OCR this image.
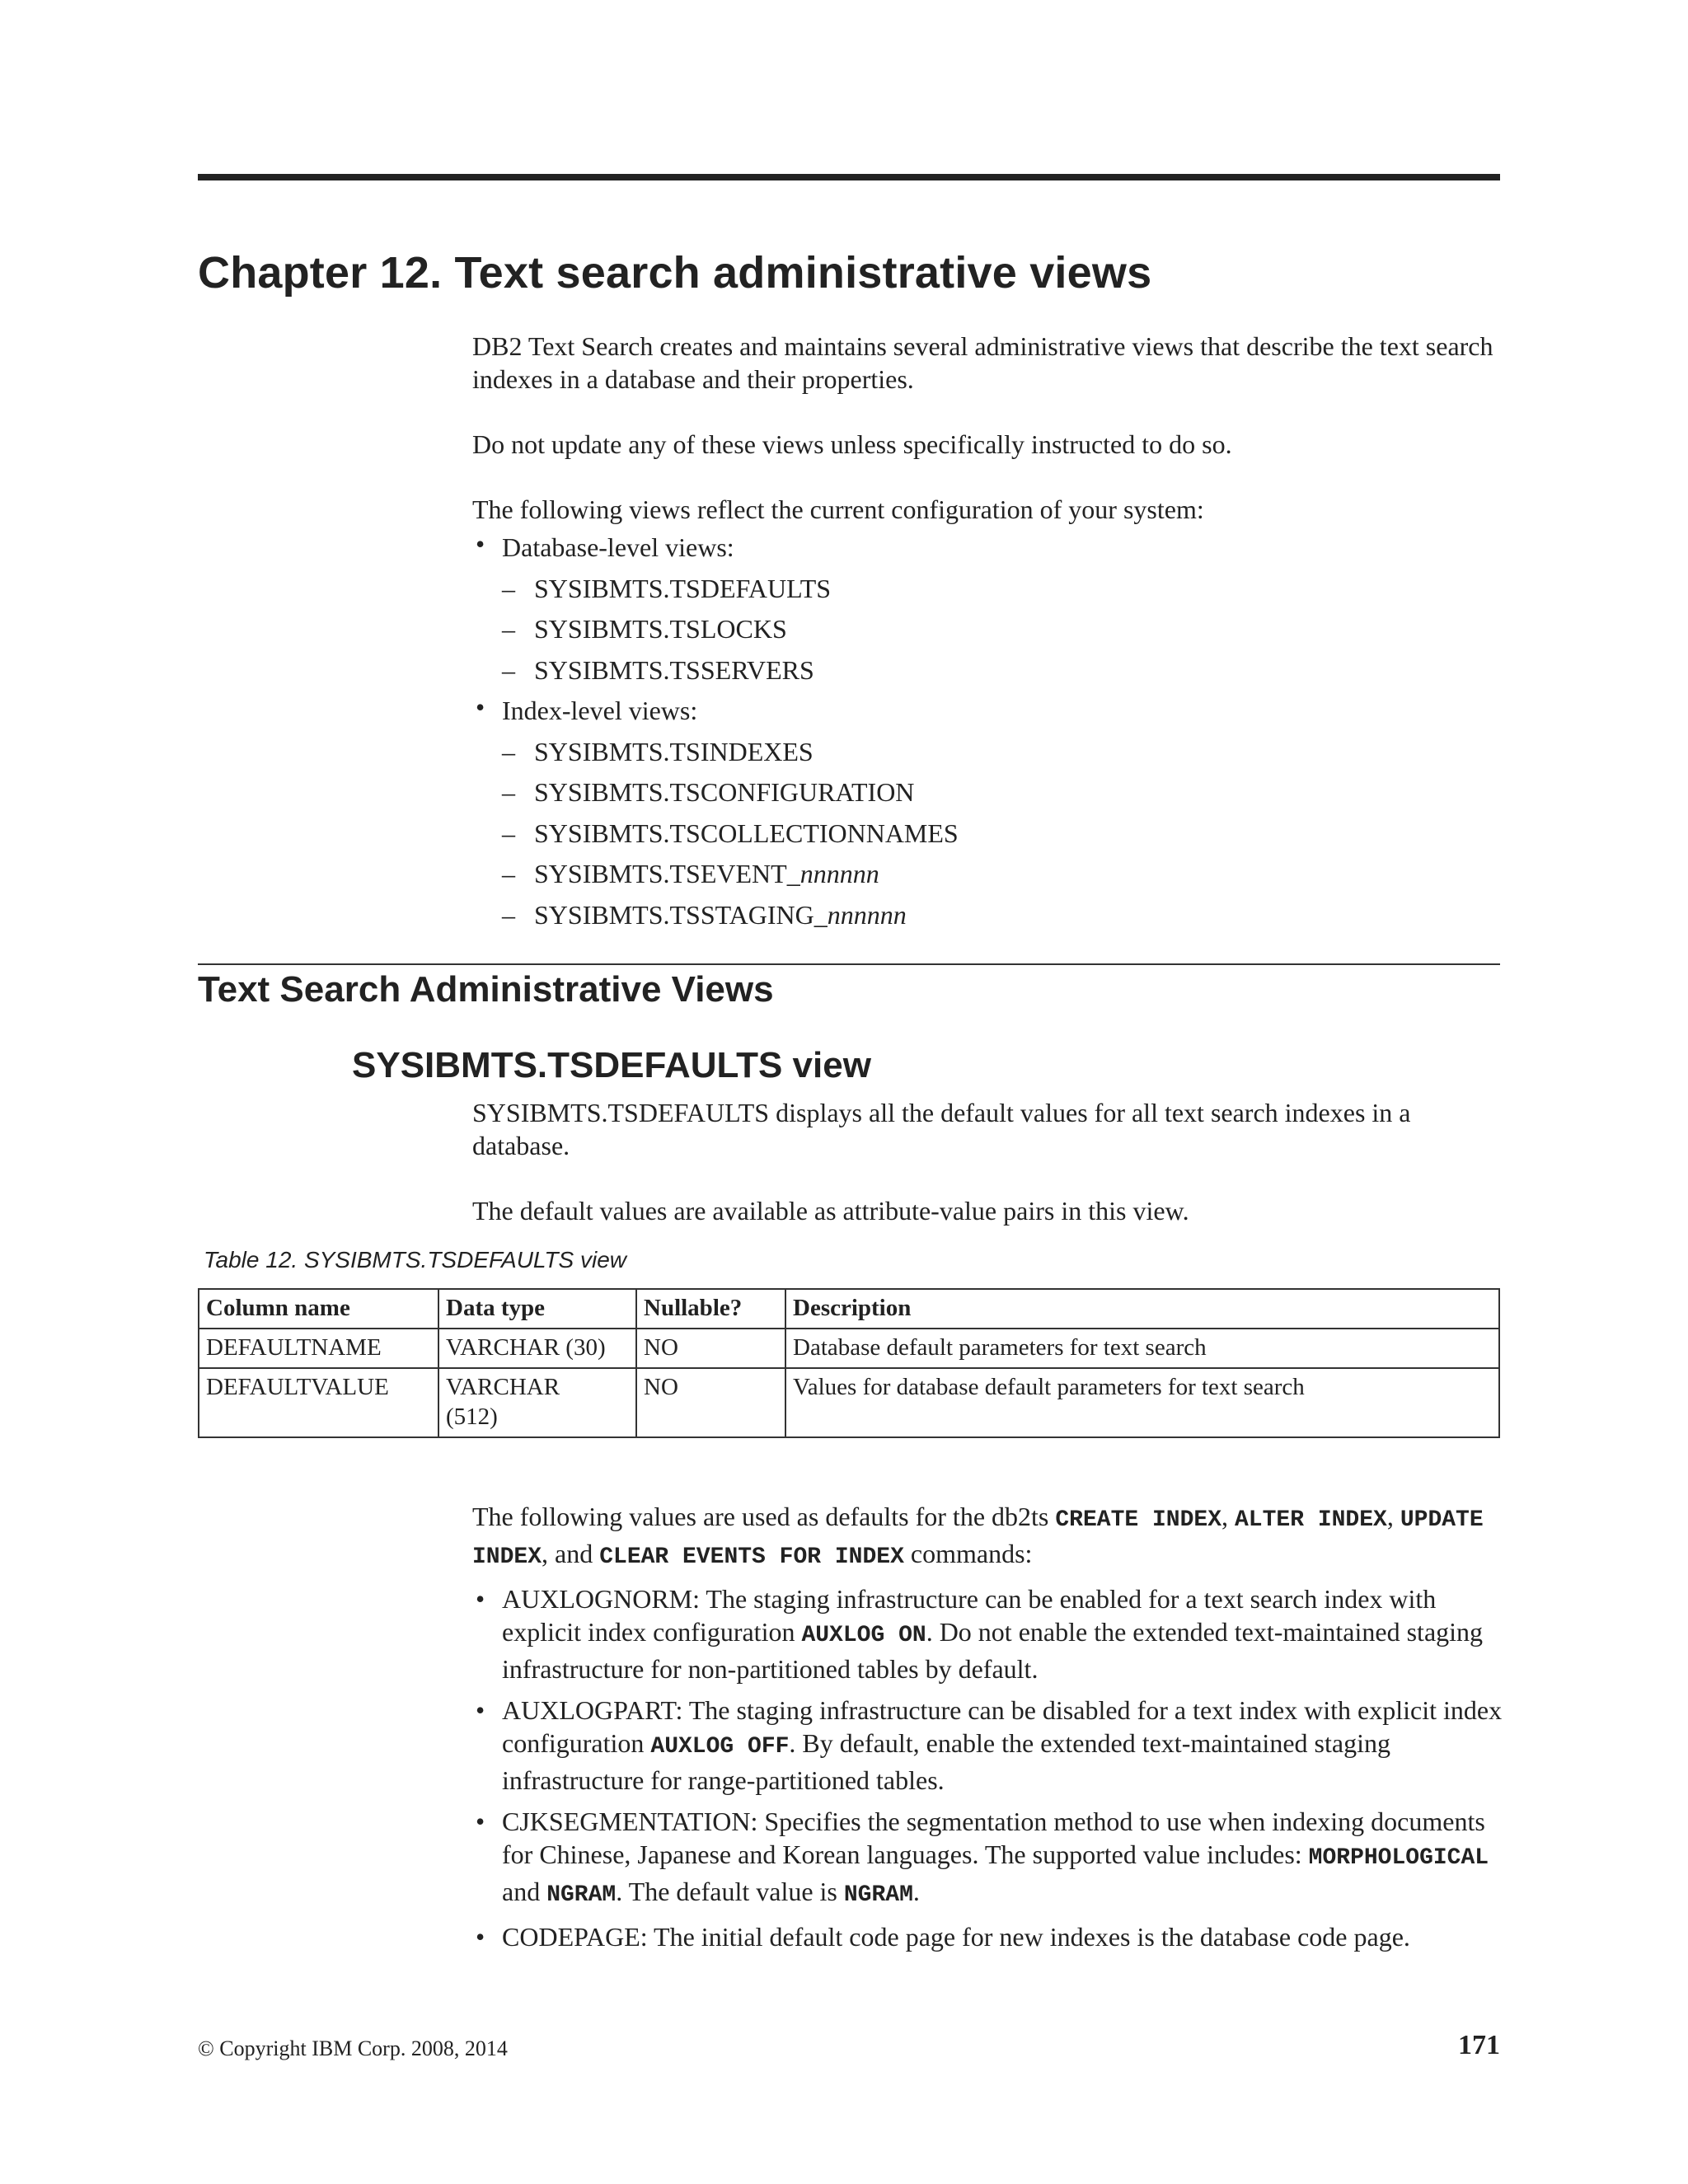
Chapter 12. Text search administrative views

DB2 Text Search creates and maintains several administrative views that describe the text search indexes in a database and their properties.

Do not update any of these views unless specifically instructed to do so.

The following views reflect the current configuration of your system:

• Database-level views:
– SYSIBMTS.TSDEFAULTS
– SYSIBMTS.TSLOCKS
– SYSIBMTS.TSSERVERS
• Index-level views:
– SYSIBMTS.TSINDEXES
– SYSIBMTS.TSCONFIGURATION
– SYSIBMTS.TSCOLLECTIONNAMES
– SYSIBMTS.TSEVENT_nnnnnn
– SYSIBMTS.TSSTAGING_nnnnnn
Text Search Administrative Views
SYSIBMTS.TSDEFAULTS view

SYSIBMTS.TSDEFAULTS displays all the default values for all text search indexes in a database.

The default values are available as attribute-value pairs in this view.

Table 12. SYSIBMTS.TSDEFAULTS view
Column name	Data type	Nullable?	Description
DEFAULTNAME	VARCHAR (30)	NO	Database default parameters for text search
DEFAULTVALUE	VARCHAR (512)	NO	Values for database default parameters for text search

The following values are used as defaults for the db2ts CREATE INDEX, ALTER INDEX, UPDATE INDEX, and CLEAR EVENTS FOR INDEX commands:

• AUXLOGNORM: The staging infrastructure can be enabled for a text search index with explicit index configuration AUXLOG ON. Do not enable the extended text-maintained staging infrastructure for non-partitioned tables by default.
• AUXLOGPART: The staging infrastructure can be disabled for a text index with explicit index configuration AUXLOG OFF. By default, enable the extended text-maintained staging infrastructure for range-partitioned tables.
• CJKSEGMENTATION: Specifies the segmentation method to use when indexing documents for Chinese, Japanese and Korean languages. The supported value includes: MORPHOLOGICAL and NGRAM. The default value is NGRAM.
• CODEPAGE: The initial default code page for new indexes is the database code page.
© Copyright IBM Corp. 2008, 2014	171
